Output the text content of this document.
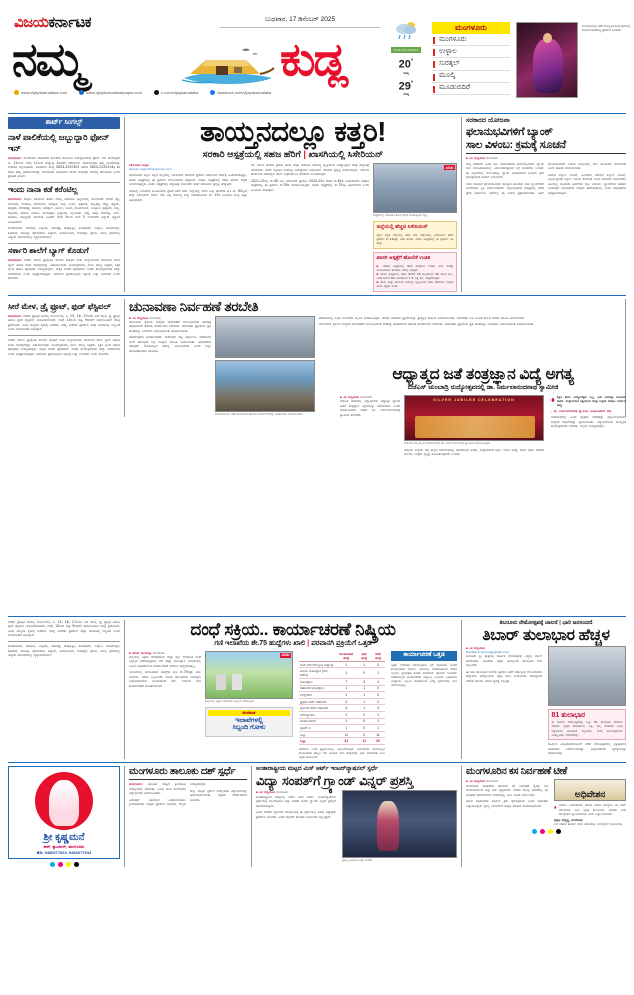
ವಿಜಯಕರ್ನಾಟಕ	ಬುಧವಾರ, 17 ಡಿಸೆಂಬರ್ 2025
ನಮ್ಮ	ಕುಡ್ಲ
www.vijayakarnataka.com	www.vijaykarnatakaepaper.com	x.com/vijaykarnataka	facebook.com/vijayakarnataka
ಮೋಡ ಕವಿದ ವಾತಾವರಣ
20°
ಕನಿಷ್ಠ
29°
ಗರಿಷ್ಠ
ಮಂಗಳೂರು
ಮಂಗಳೂರು
ಉಳ್ಳಾಲ
ಸುರತ್ಕಲ್
ಮೂಲ್ಕಿ
ಮೂಡುಬಿದಿರೆ
ಮಂಗಳೂರಿನಲ್ಲಿ ನಡೆದ ಸಾಂಸ್ಕೃತಿಕ ಕಾರ್ಯಕ್ರಮದಲ್ಲಿ ಕಲಾವಿದೆ ಭರತನಾಟ್ಯ ಪ್ರದರ್ಶನ ನೀಡಿದರು.
ಶಾರ್ಟ್ ಸಿಂಗಲ್ಸ್
ನಾಳೆ ಪಾಲಿಕೆಯಲ್ಲಿ ಜಬ್ಬುದ್ದಾರಿ ಫೋನ್ ಇನ್
ಮಂಗಳೂರು: ಮಂಗಳೂರು ಮಹಾನಗರ ಪಾಲಿಕೆಯ ವತಿಯಿಂದ ಜವಾಬ್ದಾರಿಯುತ ಫೋನ್ ಇನ್ ಕಾರ್ಯಕ್ರಮ ಡಿ. 11ರಂದು ಬೆಳಗ್ಗೆ 11ರಿಂದ ಮಧ್ಯಾಹ್ನ 1ರವರೆಗೆ ನಡೆಯಲಿದೆ. ಸಾರ್ವಜನಿಕರು ತಮ್ಮ ದೂರುಗಳನ್ನು ನೇರವಾಗಿ ಸಲ್ಲಿಸಬಹುದು. ದೂರವಾಣಿ ಸಂಖ್ಯೆ 0824-2220301 ಹಾಗೂ 0824-2220314ಕ್ಕೆ ಕರೆ ಮಾಡಿ ತಮ್ಮ ಅಹವಾಲುಗಳನ್ನು ಮಂಗಳೂರು ಮಹಾನಗರ ಪಾಲಿಕೆ ಆಯುಕ್ತರ ಗಮನಕ್ಕೆ ತರಬಹುದು ಎಂದು ಪ್ರಕಟಣೆ ತಿಳಿಸಿದೆ.
ಇಂದು ನಾನಾ ಕಡೆ ಕರೆಂಟಿಲ್ಲ
ಮಂಗಳೂರು: ಮೆಸ್ಕಾಂ ವತಿಯಿಂದ ತುರ್ತು ದುರಸ್ತಿ ಕಾಮಗಾರಿ ಹಿನ್ನೆಲೆಯಲ್ಲಿ ಮಂಗಳೂರು ನಗರದ ಕದ್ರಿ, ಬೆಂದೂರು, ಕಂಕನಾಡಿ, ಪಂಪ್‌ವೆಲ್, ಕೊಟ್ಟಾರ, ಬಿಜೈ, ಉರ್ವ, ಅತ್ತಾವರ, ಮಲ್ಲಿಕಟ್ಟೆ, ಜೆಪ್ಪು, ಫಳ್ನೀರ್, ಕಾವೂರು, ದೇರಳಕಟ್ಟೆ, ಕುಳಾಯಿ, ಸುರತ್ಕಲ್, ಕಟೀಲು, ಬಜಪೆ, ಮೂಡುಬಿದಿರೆ, ಬಂಟ್ವಾಳ, ಪುತ್ತೂರು, ಸುಳ್ಯ, ಬೆಳ್ತಂಗಡಿ, ಕಾರ್ಕಳ, ಉಡುಪಿ, ಕುಂದಾಪುರ, ಬ್ರಹ್ಮಾವರ, ಬೈಂದೂರು, ಹೆಬ್ರಿ, ಕಾಪು, ಪಡುಬಿದ್ರಿ, ಶಿರ್ವ, ಕಟಪಾಡಿ, ಸಾಲಿಗ್ರಾಮ ಸೇರಿದಂತೆ ವಿವಿಧೆಡೆ ಬೆಳಗ್ಗೆ 9ರಿಂದ ಸಂಜೆ 5 ಗಂಟೆವರೆಗೆ ವಿದ್ಯುತ್ ವ್ಯತ್ಯಯ ಉಂಟಾಗಲಿದೆ.
ಪಂಜಿಮೊಗರು, ಮರೋಳಿ, ಎಕ್ಕೂರು, ಜೋಕಟ್ಟೆ, ತೊಕ್ಕೊಟ್ಟು, ಕೋಟೆಕಾರ್, ಉಳ್ಳಾಲ, ಸೋಮೇಶ್ವರ, ಕೊಣಾಜೆ, ಮುಡಿಪು, ಫರಂಗಿಪೇಟೆ, ಅಡ್ಯಾರ್, ವಾಮಂಜೂರು, ಗುರುಪುರ, ಕೈಕಂಬ, ಮುಲ್ಕಿ ಭಾಗಗಳಲ್ಲಿ ವಿದ್ಯುತ್ ಸರಬರಾಜಿನಲ್ಲಿ ವ್ಯತ್ಯಯವಾಗಲಿದೆ.
ಸರ್ಕಾರಿ ಶಾಲೆಗೆ ಬ್ಯಾಗ್ ಕೊಡುಗೆ
ಮಂಗಳೂರು: ನಗರದ ಸರ್ಕಾರಿ ಪ್ರಾಥಮಿಕ ಶಾಲೆಯ ಮಕ್ಕಳಿಗೆ ಸಂಘ ಸಂಸ್ಥೆಯೊಂದರ ವತಿಯಿಂದ ಶಾಲಾ ಬ್ಯಾಗ್ ಹಾಗೂ ಕಲಿಕಾ ಸಾಮಗ್ರಿಗಳನ್ನು ವಿತರಿಸಲಾಯಿತು. ಕಾರ್ಯಕ್ರಮದಲ್ಲಿ ಶಾಲಾ ಮುಖ್ಯ ಶಿಕ್ಷಕರು, ಶಿಕ್ಷಕ ವೃಂದ ಹಾಗೂ ಪೋಷಕರು ಉಪಸ್ಥಿತರಿದ್ದರು. ಮಕ್ಕಳ ಕಲಿಕೆಗೆ ಪೂರಕವಾದ ಇಂತಹ ಕಾರ್ಯಕ್ರಮಗಳು ಹೆಚ್ಚು ನಡೆಯಬೇಕು ಎಂದು ಅಭಿಪ್ರಾಯಪಟ್ಟರು. ಸಮಾಜದ ಪ್ರತಿಯೊಬ್ಬರೂ ಶಿಕ್ಷಣಕ್ಕೆ ಒತ್ತು ನೀಡಬೇಕು ಎಂದು ಹೇಳಿದರು.
ತಾಯ್ತನದಲ್ಲೂ ಕತ್ತರಿ!
ಸರಕಾರಿ ಆಸ್ಪತ್ರೆಯಲ್ಲಿ ಸಹಜ ಹೆರಿಗೆ | ಖಾಸಗಿಯಲ್ಲಿ ಸಿಸೇರಿಯನ್
stevan.rego
stevan.rego.timesgroup.com
ಮಂಗಳೂರು: ದಕ್ಷಿಣ ಕನ್ನಡ ಜಿಲ್ಲೆಯಲ್ಲಿ ಸಿಸೇರಿಯನ್ ಹೆರಿಗೆಗಳ ಪ್ರಮಾಣ ವರ್ಷದಿಂದ ವರ್ಷಕ್ಕೆ ಏರಿಕೆಯಾಗುತ್ತಿದ್ದು, ಖಾಸಗಿ ಆಸ್ಪತ್ರೆಗಳಲ್ಲಿ ಈ ಪ್ರಮಾಣ ಗಣನೀಯವಾಗಿ ಹೆಚ್ಚಾಗಿದೆ. ಸರಕಾರಿ ಆಸ್ಪತ್ರೆಗಳಲ್ಲಿ ಸಹಜ ಹೆರಿಗೆಗೆ ಆದ್ಯತೆ ನೀಡಲಾಗುತ್ತಿದ್ದರೆ, ಖಾಸಗಿ ಆಸ್ಪತ್ರೆಗಳಲ್ಲಿ ಶಸ್ತ್ರಚಿಕಿತ್ಸೆ ಮೂಲಕವೇ ಹೆರಿಗೆ ಮಾಡಿಸುವ ಪ್ರವೃತ್ತಿ ಹೆಚ್ಚುತ್ತಿದೆ.
ಆರೋಗ್ಯ ಇಲಾಖೆಯ ಅಂಕಿಅಂಶಗಳ ಪ್ರಕಾರ ಕಳೆದ ವರ್ಷ ಜಿಲ್ಲೆಯಲ್ಲಿ ನಡೆದ ಒಟ್ಟು ಹೆರಿಗೆಗಳ ಪೈಕಿ ಶೇ. 60ಕ್ಕಿಂತ ಹೆಚ್ಚು ಸಿಸೇರಿಯನ್ ಆಗಿವೆ. ಇದು ವಿಶ್ವ ಆರೋಗ್ಯ ಸಂಸ್ಥೆ ನಿಗದಿಪಡಿಸಿರುವ ಶೇ. 15ರ ಮಿತಿಗಿಂತ ನಾಲ್ಕು ಪಟ್ಟು ಅಧಿಕವಾಗಿದೆ.
ಡಾ. ಆನಂದ ಹೇಳುವ ಪ್ರಕಾರ, ತಾಯಿ ಮತ್ತು ಮಗುವಿನ ಆರೋಗ್ಯ ದೃಷ್ಟಿಯಿಂದ ಅಗತ್ಯವಿದ್ದಾಗ ಮಾತ್ರ ಶಸ್ತ್ರಚಿಕಿತ್ಸೆ ಮಾಡಬೇಕು. ಆದರೆ ಇತ್ತೀಚಿನ ದಿನಗಳಲ್ಲಿ ಅನಗತ್ಯವಾಗಿ ಸಿಸೇರಿಯನ್ ಮಾಡುವ ಪ್ರವೃತ್ತಿ ಕಂಡುಬರುತ್ತಿದೆ. ಇದರಿಂದ ತಾಯಂದಿರ ಆರೋಗ್ಯದ ಮೇಲೆ ದೀರ್ಘಕಾಲೀನ ಪರಿಣಾಮ ಉಂಟಾಗುತ್ತದೆ.
2021-22ರಲ್ಲಿ ಶೇ.48 ಇದ್ದ ಸಿಸೇರಿಯನ್ ಪ್ರಮಾಣ 2024-25ರ ವೇಳೆಗೆ ಶೇ.62ಕ್ಕೆ ಏರಿಕೆಯಾಗಿದೆ. ಸರಕಾರಿ ಆಸ್ಪತ್ರೆಗಳಲ್ಲಿ ಈ ಪ್ರಮಾಣ ಶೇ.30ರ ಆಸುಪಾಸಿನಲ್ಲಿದ್ದರೆ, ಖಾಸಗಿ ಆಸ್ಪತ್ರೆಗಳಲ್ಲಿ ಶೇ.75ಕ್ಕೂ ಅಧಿಕವಾಗಿದೆ ಎಂದು ಅಂಕಿಅಂಶ ಹೇಳುತ್ತದೆ.
AI/AI
ಆಸ್ಪತ್ರೆಯಲ್ಲಿ ನವಜಾತ ಶಿಶುಗಳ ಆರೈಕೆ ಮಾಡುತ್ತಿರುವ ದೃಶ್ಯ.
ಜಿಲ್ಲೆಯಲ್ಲಿ ಹೆಚ್ಚಿದ ಸಿಸೇರಿಯನ್
ದಕ್ಷಿಣ ಕನ್ನಡ ಜಿಲ್ಲೆಯಲ್ಲಿ ಕಳೆದ ಐದು ವರ್ಷಗಳಲ್ಲಿ ಸಿಸೇರಿಯನ್ ಹೆರಿಗೆ ಪ್ರಮಾಣ ಶೇ.14ರಷ್ಟು ಏರಿಕೆ ಕಂಡಿದೆ. ಖಾಸಗಿ ಆಸ್ಪತ್ರೆಗಳಲ್ಲಿ ಈ ಪ್ರಮಾಣ ಅತಿ ಹೆಚ್ಚು.
ಖಾಸಗಿ ಆಸ್ಪತ್ರೆಗೆ ಹೋಲಿಕೆ ಉಚಿತ
▪ ಸರಕಾರಿ ಆಸ್ಪತ್ರೆಯಲ್ಲಿ ಹೆರಿಗೆ ಸಂಪೂರ್ಣ ಉಚಿತ. ಜನನಿ ಸುರಕ್ಷಾ ಯೋಜನೆಯಡಿ ಹಣಕಾಸು ನೆರವು ಸಿಗುತ್ತದೆ.
▪ ಖಾಸಗಿ ಆಸ್ಪತ್ರೆಯಲ್ಲಿ ಸಹಜ ಹೆರಿಗೆಗೆ 25 ಸಾವಿರದಿಂದ 40 ಸಾವಿರ ರೂ., ಸಿಸೇರಿಯನ್‌ಗೆ 60 ಸಾವಿರದಿಂದ 1.5 ಲಕ್ಷ ರೂ. ವೆಚ್ಚವಾಗುತ್ತದೆ.
▪ ತಾಯಿ ಮತ್ತು ಮಗುವಿನ ಆರೋಗ್ಯ ದೃಷ್ಟಿಯಿಂದ ಸಹಜ ಹೆರಿಗೆಯೇ ಉತ್ತಮ ಎಂದು ವೈದ್ಯರ ಸಲಹೆ.
ಸರಕಾರದ ಯೋಜನಾ
ಫಲಾನುಭವಿಗಳಿಗೆ ಬ್ಯಾಂಕ್
ಸಾಲ ವಿಳಂಬ: ಕ್ರಮಕ್ಕೆ ಸೂಚನೆ
▪ ವಿಕ ಸುದ್ದಿಲೋಕ ಮಂಗಳೂರು
ರಾಜ್ಯ ಸರಕಾರದ ವಿವಿಧ ಸಾಲ ಯೋಜನೆಗಳಡಿ ಫಲಾನುಭವಿಗಳಿಗೆ ಬ್ಯಾಂಕ್ ಸಾಲ ಮಂಜೂರಾತಿಯಲ್ಲಿ ವಿಳಂಬವಾಗುತ್ತಿರುವ ಬಗ್ಗೆ ದೂರುಗಳು ಬಂದಿವೆ. ಈ ಹಿನ್ನೆಲೆಯಲ್ಲಿ ಸಂಬಂಧಪಟ್ಟ ಬ್ಯಾಂಕ್ ಅಧಿಕಾರಿಗಳಿಗೆ ಕೂಡಲೇ ಕ್ರಮ ಕೈಗೊಳ್ಳುವಂತೆ ಸೂಚನೆ ನೀಡಲಾಗಿದೆ.
ನಾನಾ ಯೋಜನೆ ಫಲಾನುಭವಿಗಳು ಸಾಲಕ್ಕಾಗಿ ಹಲವಾರು ಬಾರಿ ಬ್ಯಾಂಕ್‌ಗಳಿಗೆ ಅಲೆದಾಡುವ ಸ್ಥಿತಿ ನಿರ್ಮಾಣವಾಗಿದೆ. ಜಿಲ್ಲಾಧಿಕಾರಿಗಳ ನೇತೃತ್ವದಲ್ಲಿ ನಡೆದ ಪ್ರಗತಿ ಪರಿಶೀಲನಾ ಸಭೆಯಲ್ಲಿ ಈ ವಿಚಾರ ಪ್ರಸ್ತಾಪವಾಯಿತು. ಅರ್ಹ ಫಲಾನುಭವಿಗಳಿಗೆ ನಿಗದಿತ ಅವಧಿಯಲ್ಲಿ ಸಾಲ ಮಂಜೂರು ಮಾಡಬೇಕು ಎಂದು ತಾಕೀತು ಮಾಡಲಾಯಿತು.
ಸಮಾಜ ಕಲ್ಯಾಣ ಇಲಾಖೆ, ಹಿಂದುಳಿದ ವರ್ಗಗಳ ಕಲ್ಯಾಣ ಇಲಾಖೆ, ಅಲ್ಪಸಂಖ್ಯಾತರ ಕಲ್ಯಾಣ ಇಲಾಖೆ ಸೇರಿದಂತೆ ವಿವಿಧ ನಿಗಮಗಳ ಯೋಜನೆಗಳ ಅಡಿಯಲ್ಲಿ ಸಾವಿರಾರು ಅರ್ಜಿಗಳು ಬಾಕಿ ಉಳಿದಿವೆ. ಬ್ಯಾಂಕ್‌ಗಳು ಸಹಕಾರ ನೀಡದಿದ್ದರೆ ಯೋಜನೆಗಳ ಉದ್ದೇಶ ಈಡೇರುವುದಿಲ್ಲ ಎಂದು ಅಧಿಕಾರಿಗಳು ಅಭಿಪ್ರಾಯಪಟ್ಟರು.
ಸೀರೆ ಮೇಳ, ಡ್ರೈ ಫ್ರೂಟ್, ಫುಡ್ ಫೆಸ್ಟಿವಲ್
ಮಂಗಳೂರು: ನಗರದ ಪ್ರತಿಷ್ಠಿತ ವಾಣಿಜ್ಯ ಸಂಕೀರ್ಣದಲ್ಲಿ ಡಿ. 15, 16, 17ರಂದು ಸೀರೆ ಮೇಳ, ಡ್ರೈ ಫ್ರೂಟ್ಸ್ ಹಾಗೂ ಫುಡ್ ಫೆಸ್ಟಿವಲ್ ಆಯೋಜಿಸಲಾಗಿದೆ. ಬೆಳಗ್ಗೆ 10ರಿಂದ ರಾತ್ರಿ 9ರವರೆಗೆ ಸಾರ್ವಜನಿಕರಿಗೆ ಮುಕ್ತ ಪ್ರವೇಶವಿದೆ. ವಿವಿಧ ರಾಜ್ಯಗಳ ಕೈಮಗ್ಗ ಸೀರೆಗಳು, ರೇಷ್ಮೆ ಸೀರೆಗಳು ಪ್ರದರ್ಶನ ಮತ್ತು ಮಾರಾಟಕ್ಕೆ ಲಭ್ಯವಿದೆ ಎಂದು ಆಯೋಜಕರು ತಿಳಿಸಿದ್ದಾರೆ.
ನಗರದ ಸರ್ಕಾರಿ ಪ್ರಾಥಮಿಕ ಶಾಲೆಯ ಮಕ್ಕಳಿಗೆ ಸಂಘ ಸಂಸ್ಥೆಯೊಂದರ ವತಿಯಿಂದ ಶಾಲಾ ಬ್ಯಾಗ್ ಹಾಗೂ ಕಲಿಕಾ ಸಾಮಗ್ರಿಗಳನ್ನು ವಿತರಿಸಲಾಯಿತು. ಕಾರ್ಯಕ್ರಮದಲ್ಲಿ ಶಾಲಾ ಮುಖ್ಯ ಶಿಕ್ಷಕರು, ಶಿಕ್ಷಕ ವೃಂದ ಹಾಗೂ ಪೋಷಕರು ಉಪಸ್ಥಿತರಿದ್ದರು. ಮಕ್ಕಳ ಕಲಿಕೆಗೆ ಪೂರಕವಾದ ಇಂತಹ ಕಾರ್ಯಕ್ರಮಗಳು ಹೆಚ್ಚು ನಡೆಯಬೇಕು ಎಂದು ಅಭಿಪ್ರಾಯಪಟ್ಟರು. ಸಮಾಜದ ಪ್ರತಿಯೊಬ್ಬರೂ ಶಿಕ್ಷಣಕ್ಕೆ ಒತ್ತು ನೀಡಬೇಕು ಎಂದು ಹೇಳಿದರು.
ಚುನಾವಣಾ ನಿರ್ವಹಣೆ ತರಬೇತಿ
▪ ವಿಕ ಸುದ್ದಿಲೋಕ ಮಂಗಳೂರು
ಮುಂಬರುವ ಸ್ಥಳೀಯ ಸಂಸ್ಥೆಗಳ ಚುನಾವಣೆಗೆ ಸಂಬಂಧಿಸಿದಂತೆ ಮತಗಟ್ಟೆ ಅಧಿಕಾರಿಗಳಿಗೆ ತರಬೇತಿ ಕಾರ್ಯಾಗಾರ ನಡೆಯಿತು. ಚುನಾವಣಾ ಪ್ರಕ್ರಿಯೆಯ ಪ್ರತಿ ಹಂತವನ್ನೂ ನಿಖರವಾಗಿ ನಿರ್ವಹಿಸುವಂತೆ ಸೂಚಿಸಲಾಯಿತು.
ಮತಯಂತ್ರಗಳ ಕಾರ್ಯಾಚರಣೆ, ಮತದಾರರ ಪಟ್ಟಿ ಪರಿಶೀಲನೆ, ಮತದಾನದ ದಿನದ ಕರ್ತವ್ಯಗಳ ಬಗ್ಗೆ ಸವಿಸ್ತಾರ ಮಾಹಿತಿ ನೀಡಲಾಯಿತು. ಅಧಿಕಾರಿಗಳು ಯಾವುದೇ ಲೋಪವಿಲ್ಲದೆ ಕರ್ತವ್ಯ ನಿರ್ವಹಿಸಬೇಕು ಎಂದು ಜಿಲ್ಲಾ ಚುನಾವಣಾಧಿಕಾರಿ ತಿಳಿಸಿದರು.
ಮಂಗಳೂರಿನಲ್ಲಿ ನಡೆದ ಚುನಾವಣಾ ತರಬೇತಿ ಕಾರ್ಯಾಗಾರದಲ್ಲಿ ಅಧಿಕಾರಿಗಳು ಭಾಗವಹಿಸಿದರು.
ತರಬೇತಿಯಲ್ಲಿ ವಿವಿಧ ಇಲಾಖೆಗಳ ಸಿಬ್ಬಂದಿ ಭಾಗವಹಿಸಿದ್ದರು. ಮಾದರಿ ಮತದಾನ ಪ್ರಕ್ರಿಯೆಯನ್ನು ಪ್ರಾತ್ಯಕ್ಷಿಕೆ ಮೂಲಕ ವಿವರಿಸಲಾಯಿತು. ಚುನಾವಣಾ ನೀತಿ ಸಂಹಿತೆ ಪಾಲನೆ ಕುರಿತು ಮಾಹಿತಿ ನೀಡಲಾಯಿತು.
ಮುಂಬರುವ ಸ್ಥಳೀಯ ಸಂಸ್ಥೆಗಳ ಚುನಾವಣೆಗೆ ಸಂಬಂಧಿಸಿದಂತೆ ಮತಗಟ್ಟೆ ಅಧಿಕಾರಿಗಳಿಗೆ ತರಬೇತಿ ಕಾರ್ಯಾಗಾರ ನಡೆಯಿತು. ಚುನಾವಣಾ ಪ್ರಕ್ರಿಯೆಯ ಪ್ರತಿ ಹಂತವನ್ನೂ ನಿಖರವಾಗಿ ನಿರ್ವಹಿಸುವಂತೆ ಸೂಚಿಸಲಾಯಿತು.
ಆಧ್ಯಾತ್ಮದ ಜತೆ ತಂತ್ರಜ್ಞಾನ ವಿದ್ಯೆ ಅಗತ್ಯ
ಬಿಜೆಎಸ್ ಚುಂಬಾದ್ರಿ ರುದ್ಯೋತ್ಸವದಲ್ಲಿ ಡಾ. ನಿರ್ಮಲಾನಂದನಾಥ ಸ್ವಾಮೀಜಿ
▪ ವಿಕ ಸುದ್ದಿಲೋಕ ಮಂಗಳೂರು
ಆಧುನಿಕ ಯುಗದಲ್ಲಿ ವಿದ್ಯಾರ್ಥಿಗಳು ಆಧ್ಯಾತ್ಮಿಕ ಜ್ಞಾನದ ಜತೆಗೆ ತಂತ್ರಜ್ಞಾನ ಶಿಕ್ಷಣವನ್ನೂ ಪಡೆಯಬೇಕು ಎಂದು ಆದಿಚುಂಚನಗಿರಿ ಮಠದ ಡಾ. ನಿರ್ಮಲಾನಂದನಾಥ ಸ್ವಾಮೀಜಿ ಹೇಳಿದರು.
SILVER JUBILEE CELEBRATION
ಬಿಜೆಎಸ್ ಬೆಳ್ಳಿ ಹಬ್ಬದ ಸಮಾರಂಭದಲ್ಲಿ ಡಾ. ನಿರ್ಮಲಾನಂದನಾಥ ಸ್ವಾಮೀಜಿ ಭಾಗವಹಿಸಿದ್ದರು.
ಬಿಜೆಎಸ್ ಸಂಸ್ಥೆಯ ಬೆಳ್ಳಿ ಹಬ್ಬದ ಸಮಾರಂಭದಲ್ಲಿ ಮಾತನಾಡಿದ ಅವರು, ಸಂಸ್ಕಾರಯುತ ಶಿಕ್ಷಣ ಇಂದಿನ ಅಗತ್ಯ. ಕೇವಲ ಪದವಿ ಪಡೆದರೆ ಸಾಲದು, ಉತ್ತಮ ವ್ಯಕ್ತಿತ್ವ ರೂಪಿಸಿಕೊಳ್ಳಬೇಕು ಎಂದರು.
ಶಿಕ್ಷಣ ಕೇವಲ ಉದ್ಯೋಗಕ್ಕಾಗಿ ಅಲ್ಲ, ಅದು ಬದುಕನ್ನು ರೂಪಿಸುವ ಸಾಧನ. ಸಂಸ್ಕಾರಯುತ ಶಿಕ್ಷಣದಿಂದ ಮಾತ್ರ ಉತ್ತಮ ಸಮಾಜ ನಿರ್ಮಾಣ ಸಾಧ್ಯ.
- ಡಾ. ನಿರ್ಮಲಾನಂದನಾಥ ಸ್ವಾಮೀಜಿ, ಆದಿಚುಂಚನಗಿರಿ ಮಠ
ಸಮಾರಂಭದಲ್ಲಿ ವಿವಿಧ ಕ್ಷೇತ್ರಗಳ ಸಾಧಕರನ್ನು ಸನ್ಮಾನಿಸಲಾಯಿತು. ಸಂಸ್ಥೆಯ ಸಾಧನೆಗಳನ್ನು ಸ್ಮರಿಸಲಾಯಿತು. ವಿದ್ಯಾರ್ಥಿಗಳಿಂದ ಸಾಂಸ್ಕೃತಿಕ ಕಾರ್ಯಕ್ರಮಗಳು ನಡೆದವು. ಗಣ್ಯರು ಉಪಸ್ಥಿತರಿದ್ದರು.
ನಗರದ ಪ್ರತಿಷ್ಠಿತ ವಾಣಿಜ್ಯ ಸಂಕೀರ್ಣದಲ್ಲಿ ಡಿ. 15, 16, 17ರಂದು ಸೀರೆ ಮೇಳ, ಡ್ರೈ ಫ್ರೂಟ್ಸ್ ಹಾಗೂ ಫುಡ್ ಫೆಸ್ಟಿವಲ್ ಆಯೋಜಿಸಲಾಗಿದೆ. ಬೆಳಗ್ಗೆ 10ರಿಂದ ರಾತ್ರಿ 9ರವರೆಗೆ ಸಾರ್ವಜನಿಕರಿಗೆ ಮುಕ್ತ ಪ್ರವೇಶವಿದೆ. ವಿವಿಧ ರಾಜ್ಯಗಳ ಕೈಮಗ್ಗ ಸೀರೆಗಳು, ರೇಷ್ಮೆ ಸೀರೆಗಳು ಪ್ರದರ್ಶನ ಮತ್ತು ಮಾರಾಟಕ್ಕೆ ಲಭ್ಯವಿದೆ ಎಂದು ಆಯೋಜಕರು ತಿಳಿಸಿದ್ದಾರೆ.
ಪಂಜಿಮೊಗರು, ಮರೋಳಿ, ಎಕ್ಕೂರು, ಜೋಕಟ್ಟೆ, ತೊಕ್ಕೊಟ್ಟು, ಕೋಟೆಕಾರ್, ಉಳ್ಳಾಲ, ಸೋಮೇಶ್ವರ, ಕೊಣಾಜೆ, ಮುಡಿಪು, ಫರಂಗಿಪೇಟೆ, ಅಡ್ಯಾರ್, ವಾಮಂಜೂರು, ಗುರುಪುರ, ಕೈಕಂಬ, ಮುಲ್ಕಿ ಭಾಗಗಳಲ್ಲಿ ವಿದ್ಯುತ್ ಸರಬರಾಜಿನಲ್ಲಿ ವ್ಯತ್ಯಯವಾಗಲಿದೆ.
ದಂಧೆ ಸಕ್ರಿಯ.. ಕಾರ್ಯಾಚರಣೆ ನಿಷ್ಕ್ರಿಯ
ಗಣಿ ಇಲಾಖೆಯ ಶೇ.75 ಹುದ್ದೆಗಳು ಖಾಲಿ | ಪರವಾನಗಿ ಪ್ರಕ್ರಿಯೆಗೆ ಒತ್ತಡ
▪ ಹರೀಶ್ ಸೂರ್ಯಶ್ರೀ ಮಂಗಳೂರು
ಜಿಲ್ಲೆಯಲ್ಲಿ ಅಕ್ರಮ ಮರಳುಗಾರಿಕೆ ಮತ್ತು ಕಲ್ಲು ಗಣಿಗಾರಿಕೆ ದಂಧೆ ಎಗ್ಗಿಲ್ಲದೆ ನಡೆಯುತ್ತಿದ್ದರೂ, ಗಣಿ ಮತ್ತು ಭೂವಿಜ್ಞಾನ ಇಲಾಖೆಯಲ್ಲಿ ಸಿಬ್ಬಂದಿ ಕೊರತೆಯಿಂದ ಕಾರ್ಯಾಚರಣೆ ನಡೆಸಲು ಸಾಧ್ಯವಾಗುತ್ತಿಲ್ಲ.
ಇಲಾಖೆಯಲ್ಲಿ ಮಂಜೂರಾದ ಹುದ್ದೆಗಳ ಪೈಕಿ ಶೇ.75ರಷ್ಟು ಖಾಲಿ ಉಳಿದಿವೆ. ಇರುವ ಸಿಬ್ಬಂದಿಯೇ ಹಲವು ತಾಲೂಕುಗಳ ಜವಾಬ್ದಾರಿ ನಿಭಾಯಿಸಬೇಕಾದ ಅನಿವಾರ್ಯತೆ ಇದೆ. ಇದರಿಂದ ದಾಳಿ ಕಾರ್ಯಾಚರಣೆ ಕುಂಠಿತಗೊಂಡಿದೆ.
AI/AI
ಜಿಲ್ಲೆಯಲ್ಲಿ ಅಕ್ರಮ ಗಣಿಗಾರಿಕೆ ಎಗ್ಗಿಲ್ಲದೆ ನಡೆಯುತ್ತಿದೆ.
ಅಂಕಿಅಂಶ
ಇಲಾಖೆಗಳಲ್ಲಿ
ಸಿಬ್ಬಂದಿ ಗೋಳು
	ಮಂಜೂರಾದ ಹುದ್ದೆ	ಭರ್ತಿ ಹುದ್ದೆ	ಖಾಲಿ ಹುದ್ದೆ
ಉಪ ನಿರ್ದೇಶಕ (ಭೂ ವಿಜ್ಞಾನ)	1	1	0
ಹಿರಿಯ ಭೂವಿಜ್ಞಾನಿ (ಗಣಿ ಕಚೇರಿ)	1	0	1
ಭೂವಿಜ್ಞಾನಿ	7	3	4
ಸಹಾಯಕ ಭೂವಿಜ್ಞಾನಿ	1	1	0
ಶಿರಸ್ತೇದಾರ	1	1	0
ಪ್ರಥಮ ದರ್ಜೆ ಸಹಾಯಕ	3	1	2
ದ್ವಿತೀಯ ದರ್ಜೆ ಸಹಾಯಕ	4	1	3
ಬೆರಳಚ್ಚುಗಾರ	1	0	1
ವಾಹನ ಚಾಲಕ	1	0	1
ಗ್ರೂಪ್ ಡಿ	1	0	1
ಒಟ್ಟು	11	0	11
ಒಟ್ಟು	31	11	20
ಪರವಾನಗಿ ನೀಡಿಕೆ ಪ್ರಕ್ರಿಯೆಯಲ್ಲೂ ವಿಳಂಬವಾಗುತ್ತಿದೆ. ಅರ್ಜಿದಾರರು ತಿಂಗಳುಗಟ್ಟಲೆ ಕಾಯಬೇಕಾದ ಪರಿಸ್ಥಿತಿ ಇದೆ. ಕೂಡಲೇ ಖಾಲಿ ಹುದ್ದೆಗಳನ್ನು ಭರ್ತಿ ಮಾಡಬೇಕು ಎಂಬ ಆಗ್ರಹ ಕೇಳಿಬಂದಿದೆ.
ಕಾರ್ಯಾಚರಣೆ ಒತ್ತಡ
ಅಕ್ರಮ ಗಣಿಗಾರಿಕೆ ನಡೆಯುತ್ತಿರುವ ಬಗ್ಗೆ ದೂರುಗಳು ಬಂದರೆ ಕಾರ್ಯಾಚರಣೆ ನಡೆಸಲು, ದಾಳಿಯಲ್ಲಿ ವಶಪಡಿಸಿಕೊಂಡ ವಾಹನ ನಿಲ್ಲಿಸಲು ಸ್ಥಳಾವಕಾಶ ಕೊರತೆ ಎದುರಾಗಿದೆ. ಪೊಲೀಸ್ ಇಲಾಖೆಯ ಸಹಕಾರವಿಲ್ಲದೆ ಕಾರ್ಯಾಚರಣೆ ಸಾಧ್ಯವಿಲ್ಲ ಎಂಬುದು ಅಧಿಕಾರಿಗಳ ಅಭಿಪ್ರಾಯ. ಸಿಬ್ಬಂದಿ ಕೊರತೆಯಿಂದ ಅಗತ್ಯ ಪ್ರಮಾಣದಲ್ಲಿ ದಾಳಿ ನಡೆಸಲಾಗುತ್ತಿಲ್ಲ.
ತಿಬರೂರು ನೇಮೋತ್ಸವಕ್ಕೆ ಚಾಲನೆ | ಭಾರಿ ಜನಸಂದಣಿ
ತಿಬಾರ್ ತುಲಾಭಾರ ಹೆಚ್ಚಳ
▪ ವಿಕ ಸುದ್ದಿಲೋಕ
feedback.vkmng@gmail.com
ತಿಬರೂರು ಶ್ರೀ ಕ್ಷೇತ್ರದಲ್ಲಿ ವಾರ್ಷಿಕ ನೇಮೋತ್ಸವಕ್ಕೆ ವಿಧ್ಯುಕ್ತ ಚಾಲನೆ ದೊರೆಯಿತು. ಸಾವಿರಾರು ಭಕ್ತರು ಪಾಲ್ಗೊಂಡು ತುಲಾಭಾರ ಸೇವೆ ಸಲ್ಲಿಸಿದರು.
ಈ ಬಾರಿ ತುಲಾಭಾರ ಸೇವೆಯ ಪ್ರಮಾಣ ಕಳೆದ ವರ್ಷಕ್ಕಿಂತ ಗಣನೀಯವಾಗಿ ಹೆಚ್ಚಾಗಿದೆ. ಬೆಳಗ್ಗಿನಿಂದಲೇ ಭಕ್ತರ ಸಾಲು ಕಂಡುಬಂತು. ದೇವಸ್ಥಾನದ ಆಡಳಿತ ಮಂಡಳಿ ವಿಶೇಷ ವ್ಯವಸ್ಥೆ ಕಲ್ಪಿಸಿತ್ತು.
81 ತುಲಾಭಾರ
ಈ ಬಾರಿಯ ನೇಮೋತ್ಸವದಲ್ಲಿ ಒಟ್ಟು 81 ತುಲಾಭಾರ ಸೇವೆಗಳು ನಡೆದಿವೆ. ಭಕ್ತರು ತೆಂಗಿನಕಾಯಿ, ಅಕ್ಕಿ, ಬೆಲ್ಲ ಸೇರಿದಂತೆ ವಿವಿಧ ವಸ್ತುಗಳಿಂದ ತುಲಾಭಾರ ಸಲ್ಲಿಸಿದರು. ಸೇವಾ ಕಾರ್ಯಕ್ರಮಗಳು ಯಶಸ್ವಿಯಾಗಿ ನೆರವೇರಿದವು.
ಧಾರ್ಮಿಕ ವಿಧಿವಿಧಾನಗಳೊಂದಿಗೆ ನಡೆದ ನೇಮೋತ್ಸವದಲ್ಲಿ ಭಕ್ತಿಪೂರ್ವಕ ವಾತಾವರಣ ನಿರ್ಮಾಣವಾಗಿತ್ತು. ಅನ್ನಸಂತರ್ಪಣೆ ವ್ಯವಸ್ಥೆಯನ್ನೂ ಮಾಡಲಾಗಿತ್ತು.
ಶ್ರೀ ಕೃಷ್ಣಮನೆ
ಕಾರ್, ಕ್ಯಾಟರಿಂಗ್, ಮಂಗಳೂರು
ಮೊ: 9480077523, 9480077544
ಮಂಗಳೂರು ತಾಲೂಕು ದಶ್ ಸ್ಪರ್ಧೆ
ಮಂಗಳೂರು: ತಾಲೂಕು ಮಟ್ಟದ ಕ್ರೀಡಾಕೂಟ ಯಶಸ್ವಿಯಾಗಿ ನಡೆಯಿತು. ವಿವಿಧ ಶಾಲಾ ಕಾಲೇಜುಗಳ ವಿದ್ಯಾರ್ಥಿಗಳು ಭಾಗವಹಿಸಿದರು.
ವಿಜೇತರಿಗೆ ಬಹುಮಾನ ವಿತರಿಸಲಾಯಿತು. ಕ್ರೀಡಾಪಟುಗಳು ಉತ್ತಮ ಪ್ರದರ್ಶನ ನೀಡಿದರು. ಗಣ್ಯರು ಉಪಸ್ಥಿತರಿದ್ದರು.
ಜಿಲ್ಲಾ ಮಟ್ಟದ ಸ್ಪರ್ಧೆಗೆ ಆಯ್ಕೆಯಾದ ವಿದ್ಯಾರ್ಥಿಗಳನ್ನು ಅಭಿನಂದಿಸಲಾಯಿತು. ಶಿಕ್ಷಕರು ಮಾರ್ಗದರ್ಶನ ನೀಡಿದರು.
ಅಂತಾರಾಷ್ಟ್ರೀಯ ಮಟ್ಟದ ಮಿಸ್ ಆರ್ಟ್ ಇಂಟರ್‌ನ್ಯಾಷನಲ್ ಸ್ಪರ್ಧೆ
ವಿದ್ಯಾ ಸಂಪತ್‌ಗೆ ಗ್ರ್ಯಾಂಡ್ ವಿನ್ನರ್ ಪ್ರಶಸ್ತಿ
▪ ವಿಕ ಸುದ್ದಿಲೋಕ ಮಂಗಳೂರು
ಅಂತಾರಾಷ್ಟ್ರೀಯ ಮಟ್ಟದಲ್ಲಿ ನಡೆದ ಮಿಸ್ ಆರ್ಟ್ ಇಂಟರ್‌ನ್ಯಾಷನಲ್ ಸ್ಪರ್ಧೆಯಲ್ಲಿ ಮಂಗಳೂರಿನ ವಿದ್ಯಾ ಸಂಪತ್ ಅವರು ಗ್ರ್ಯಾಂಡ್ ವಿನ್ನರ್ ಪ್ರಶಸ್ತಿಗೆ ಭಾಜನರಾಗಿದ್ದಾರೆ.
ವಿವಿಧ ದೇಶಗಳ ಸ್ಪರ್ಧಿಗಳು ಪಾಲ್ಗೊಂಡಿದ್ದ ಈ ಸ್ಪರ್ಧೆಯಲ್ಲಿ ಅವರು ಅತ್ಯುತ್ತಮ ಪ್ರದರ್ಶನ ನೀಡಿದರು. ಅವರ ಸಾಧನೆಗೆ ಹಲವರು ಅಭಿನಂದನೆ ಸಲ್ಲಿಸಿದ್ದಾರೆ.
ಪ್ರಶಸ್ತಿ ಸ್ವೀಕರಿಸಿದ ವಿದ್ಯಾ ಸಂಪತ್.
ಮಂಗಳೂರಿನ ಕಸ ನಿರ್ವಹಣೆ ಟೀಕೆ
▪ ವಿಕ ಸುದ್ದಿಲೋಕ ಮಂಗಳೂರು
ಮಂಗಳೂರು ಮಹಾನಗರ ಪಾಲಿಕೆಯ ಕಸ ನಿರ್ವಹಣೆ ವ್ಯವಸ್ಥೆ ಬಗ್ಗೆ ಸಾರ್ವಜನಿಕರಿಂದ ತೀವ್ರ ಟೀಕೆ ವ್ಯಕ್ತವಾಗಿದೆ. ನಗರದ ಹಲವು ಭಾಗಗಳಲ್ಲಿ ಕಸ ಸಂಗ್ರಹಣೆ ಸಮರ್ಪಕವಾಗಿ ನಡೆಯುತ್ತಿಲ್ಲ ಎಂಬ ದೂರು ಕೇಳಿಬಂದಿದೆ.
ಪಾಲಿಕೆ ಅಧಿಕಾರಿಗಳು ಕೂಡಲೇ ಕ್ರಮ ಕೈಗೊಳ್ಳಬೇಕು ಎಂದು ನಾಗರಿಕರು ಒತ್ತಾಯಿಸಿದ್ದಾರೆ. ತ್ಯಾಜ್ಯ ವಿಲೇವಾರಿಗೆ ಶಾಶ್ವತ ಪರಿಹಾರ ಕಂಡುಕೊಳ್ಳಬೇಕಿದೆ.
ಅಧಿವೇಶನ
ಬೆಳಗಾವಿ ಅಧಿವೇಶನದಲ್ಲಿ ಕರಾವಳಿ ಭಾಗದ ಸಮಸ್ಯೆಗಳ ಬಗ್ಗೆ ಚರ್ಚೆ ನಡೆಯಬೇಕು ಎಂಬ ಆಗ್ರಹ ಕೇಳಿಬಂದಿದೆ. ಶಾಸಕರು ಜನರ ಸಮಸ್ಯೆಗಳಿಗೆ ಧ್ವನಿಯಾಗಬೇಕು ಎಂದು ಒತ್ತಾಯಿಸಲಾಗಿದೆ.
ವೃಷಭ ಮಧ್ಯಸ್ಥ, ಮಂಗಳೂರು
ಬಗ್ಗೆ ಸರಕಾರ ಕೂಡಲೇ ಗಮನ ಹರಿಸಬೇಕು. ಸಮಸ್ಯೆಗಳಿಗೆ ಸ್ಪಂದಿಸಬೇಕು.
